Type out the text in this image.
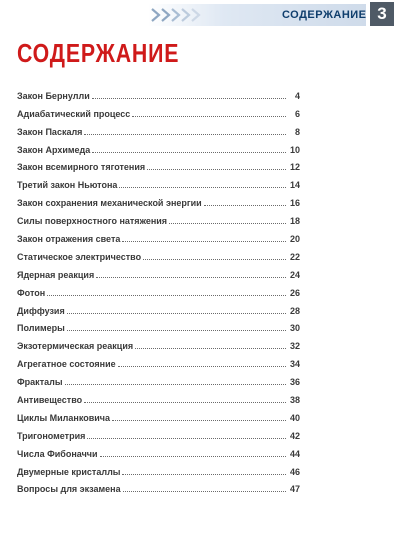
СОДЕРЖАНИЕ 3
СОДЕРЖАНИЕ
Закон Бернулли	4
Адиабатический процесс	6
Закон Паскаля	8
Закон Архимеда	10
Закон всемирного тяготения	12
Третий закон Ньютона	14
Закон сохранения механической энергии	16
Силы поверхностного натяжения	18
Закон отражения света	20
Статическое электричество	22
Ядерная реакция	24
Фотон	26
Диффузия	28
Полимеры	30
Экзотермическая реакция	32
Агрегатное состояние	34
Фракталы	36
Антивещество	38
Циклы Миланковича	40
Тригонометрия	42
Числа Фибоначчи	44
Двумерные кристаллы	46
Вопросы для экзамена	47
